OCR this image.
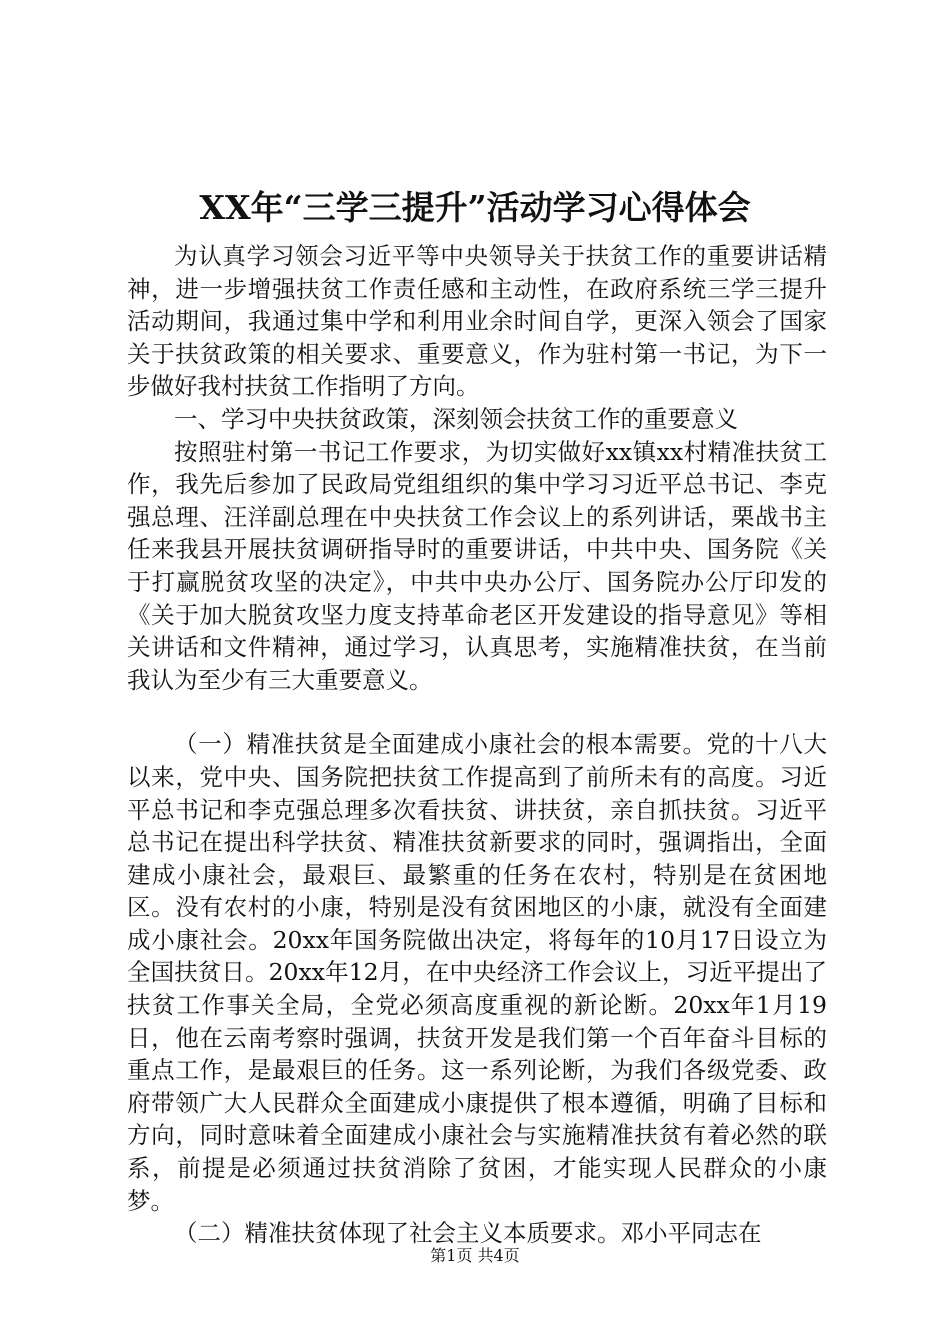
XX年“三学三提升”活动学习心得体会

为认真学习领会习近平等中央领导关于扶贫工作的重要讲话精神，进一步增强扶贫工作责任感和主动性，在政府系统三学三提升活动期间，我通过集中学和利用业余时间自学，更深入领会了国家关于扶贫政策的相关要求、重要意义，作为驻村第一书记，为下一步做好我村扶贫工作指明了方向。

一、学习中央扶贫政策，深刻领会扶贫工作的重要意义

按照驻村第一书记工作要求，为切实做好xx镇xx村精准扶贫工作，我先后参加了民政局党组组织的集中学习习近平总书记、李克强总理、汪洋副总理在中央扶贫工作会议上的系列讲话，栗战书主任来我县开展扶贫调研指导时的重要讲话，中共中央、国务院《关于打赢脱贫攻坚的决定》，中共中央办公厅、国务院办公厅印发的《关于加大脱贫攻坚力度支持革命老区开发建设的指导意见》等相关讲话和文件精神，通过学习，认真思考，实施精准扶贫，在当前我认为至少有三大重要意义。

（一）精准扶贫是全面建成小康社会的根本需要。党的十八大以来，党中央、国务院把扶贫工作提高到了前所未有的高度。习近平总书记和李克强总理多次看扶贫、讲扶贫，亲自抓扶贫。习近平总书记在提出科学扶贫、精准扶贫新要求的同时，强调指出，全面建成小康社会，最艰巨、最繁重的任务在农村，特别是在贫困地区。没有农村的小康，特别是没有贫困地区的小康，就没有全面建成小康社会。20xx年国务院做出决定，将每年的10月17日设立为全国扶贫日。20xx年12月，在中央经济工作会议上，习近平提出了扶贫工作事关全局，全党必须高度重视的新论断。20xx年1月19日，他在云南考察时强调，扶贫开发是我们第一个百年奋斗目标的重点工作，是最艰巨的任务。这一系列论断，为我们各级党委、政府带领广大人民群众全面建成小康提供了根本遵循，明确了目标和方向，同时意味着全面建成小康社会与实施精准扶贫有着必然的联系，前提是必须通过扶贫消除了贫困，才能实现人民群众的小康梦。

（二）精准扶贫体现了社会主义本质要求。邓小平同志在

第1页 共4页
